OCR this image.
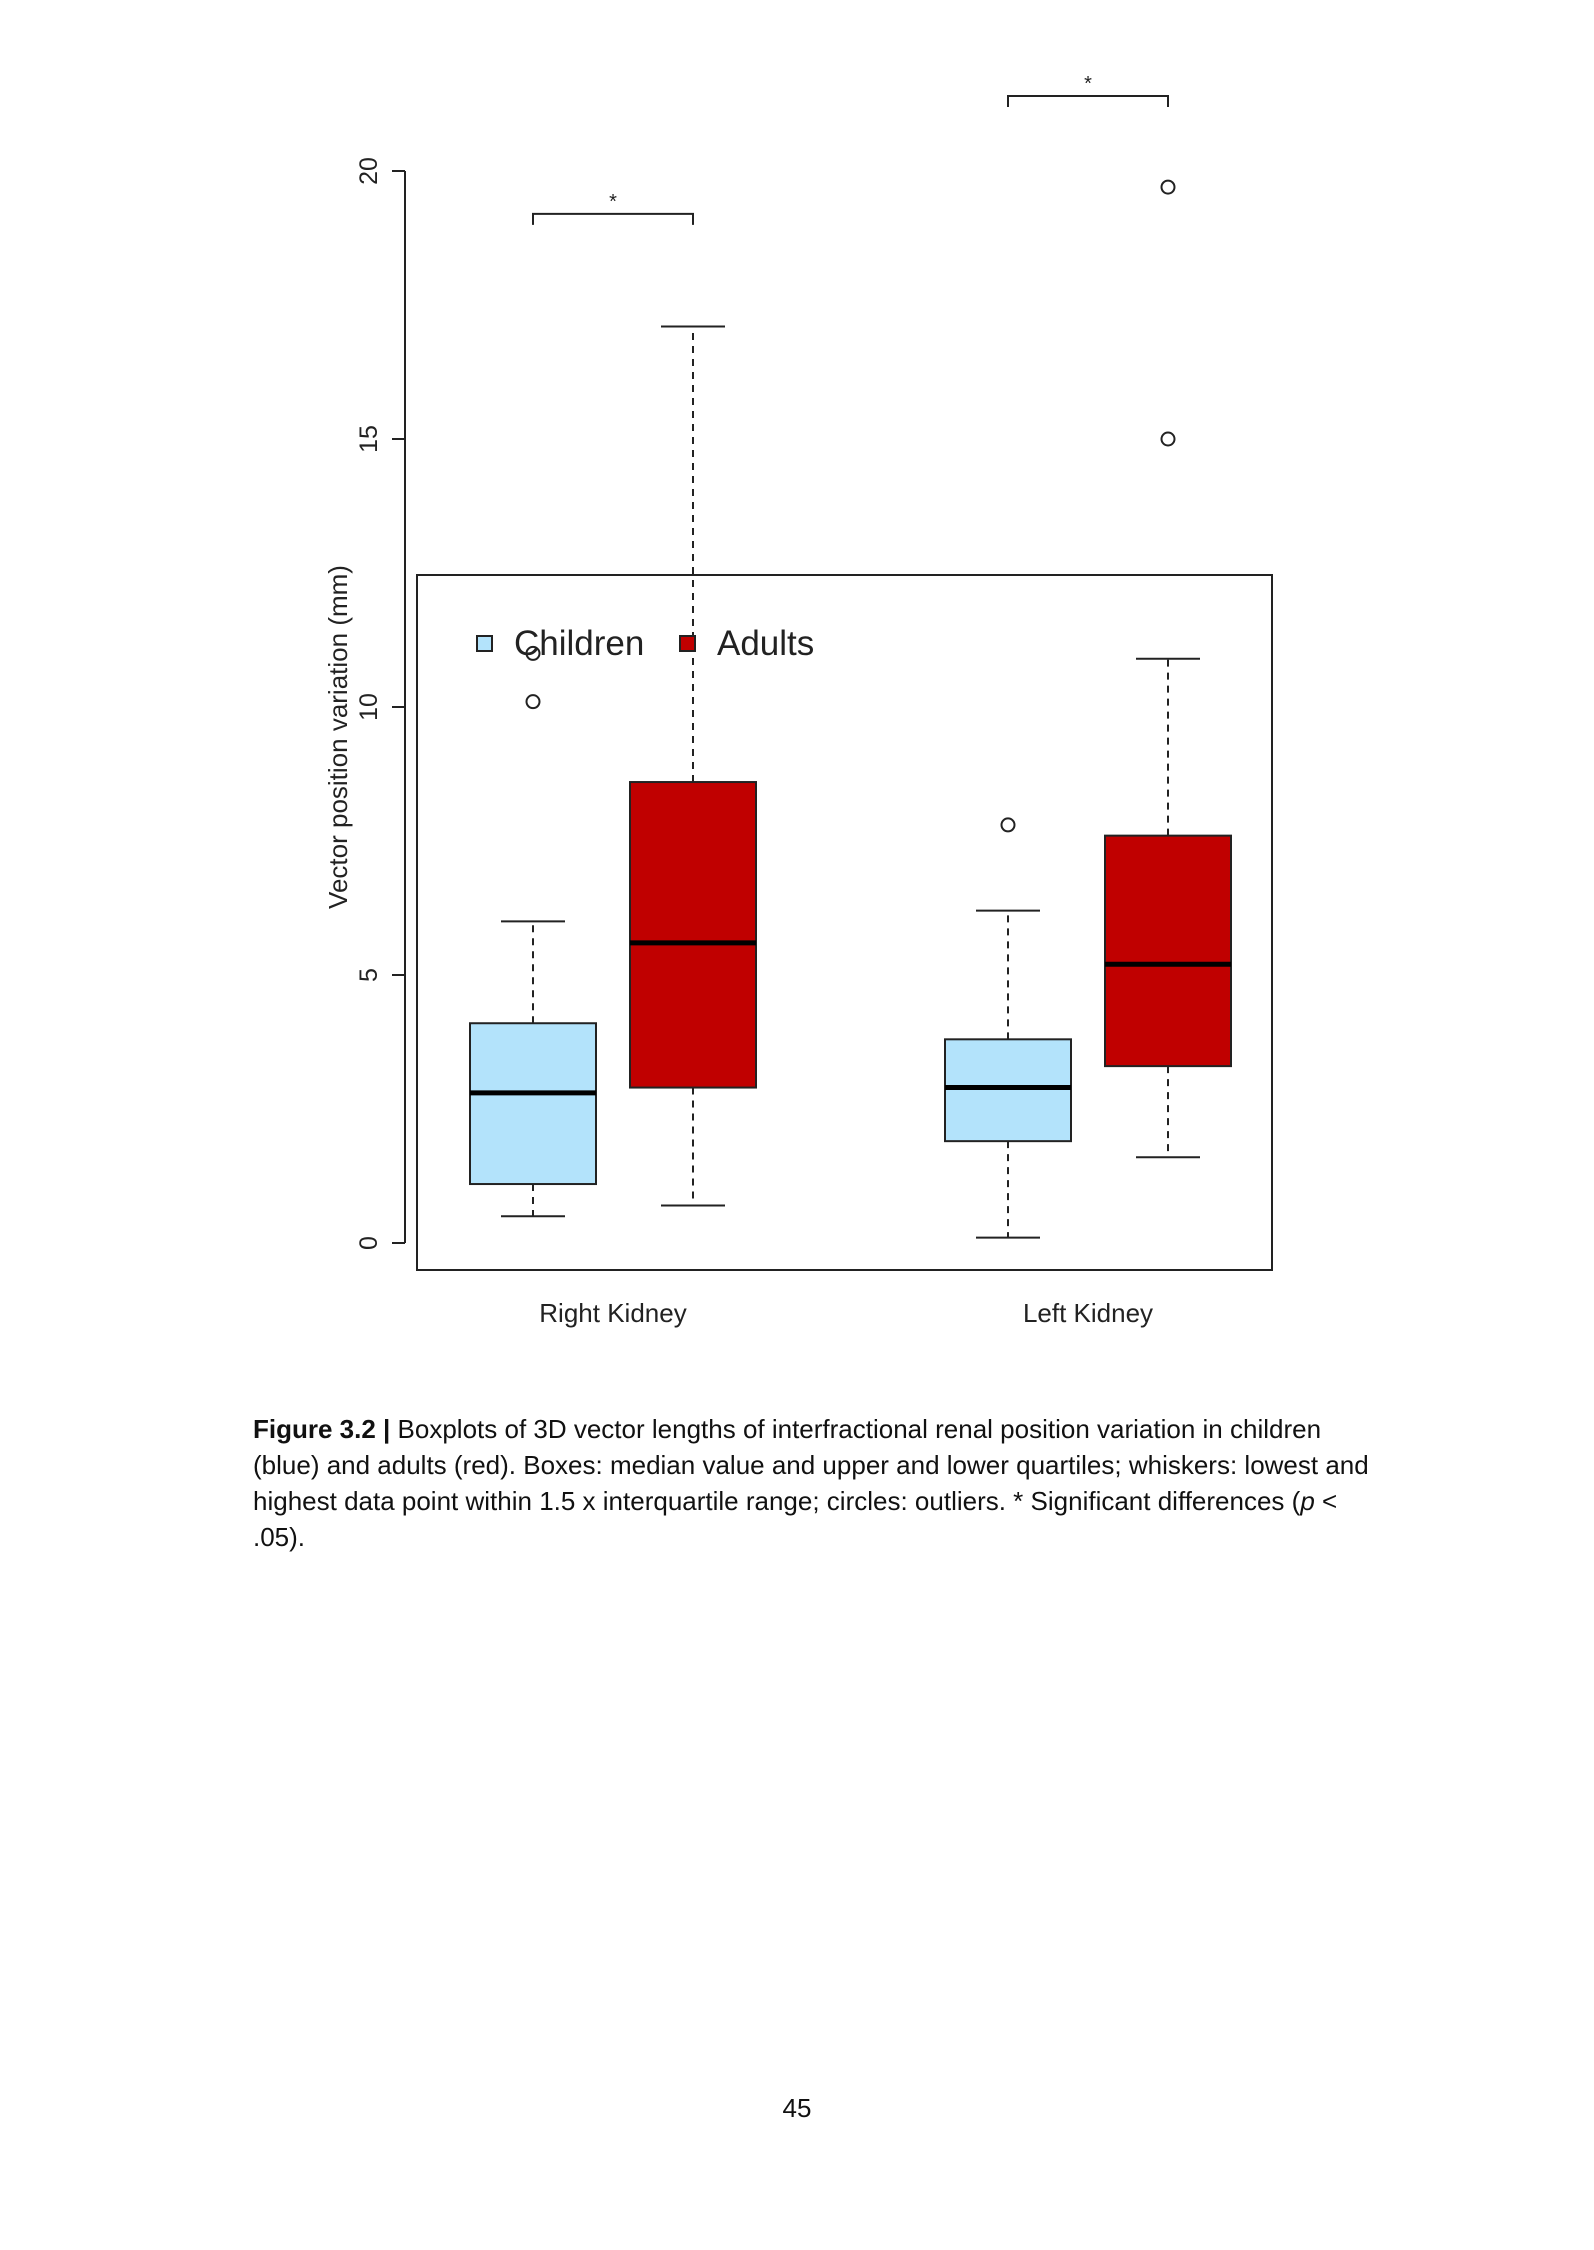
0
5
10
15
20
Vector position variation (mm)
*
*
Right Kidney	Left Kidney
Children Adults
Figure 3.2 | Boxplots of 3D vector lengths of interfractional renal position variation in children (blue) and adults (red). Boxes: median value and upper and lower quartiles; whiskers: lowest and highest data point within 1.5 x interquartile range; circles: outliers. * Significant differences (p < .05).
45
